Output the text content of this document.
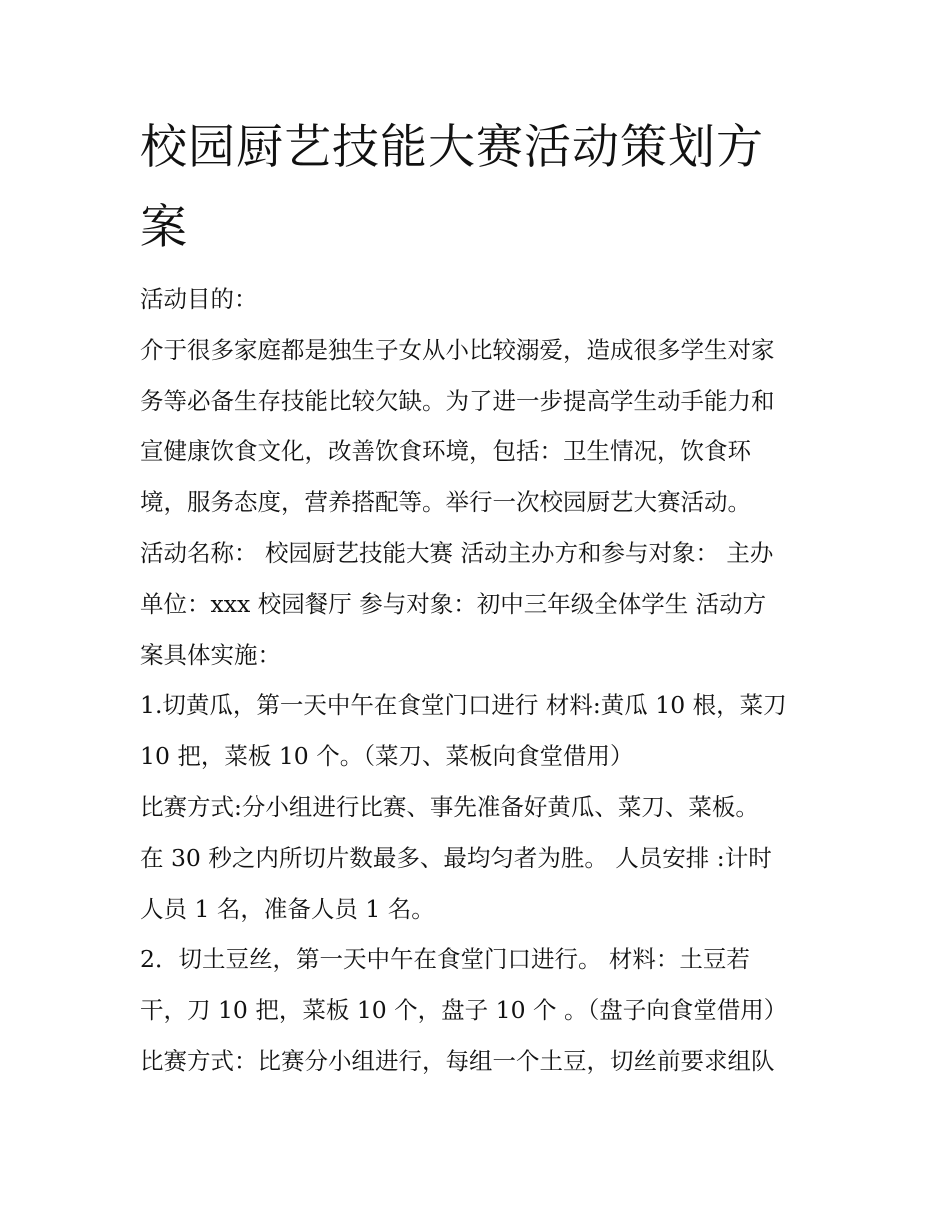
校园厨艺技能大赛活动策划方
案
活动目的：
介于很多家庭都是独生子女从小比较溺爱，造成很多学生对家
务等必备生存技能比较欠缺。为了进一步提高学生动手能力和
宣健康饮食文化，改善饮食环境，包括：卫生情况，饮食环
境，服务态度，营养搭配等。举行一次校园厨艺大赛活动。
活动名称： 校园厨艺技能大赛 活动主办方和参与对象： 主办
单位：xxx 校园餐厅 参与对象：初中三年级全体学生 活动方
案具体实施：
1.切黄瓜，第一天中午在食堂门口进行 材料:黄瓜 10 根，菜刀
10 把，菜板 10 个。（菜刀、菜板向食堂借用）
比赛方式:分小组进行比赛、事先准备好黄瓜、菜刀、菜板。
在 30 秒之内所切片数最多、最均匀者为胜。 人员安排 :计时
人员 1 名，准备人员 1 名。
2．切土豆丝，第一天中午在食堂门口进行。 材料：土豆若
干，刀 10 把，菜板 10 个，盘子 10 个 。（盘子向食堂借用）
比赛方式：比赛分小组进行，每组一个土豆，切丝前要求组队
